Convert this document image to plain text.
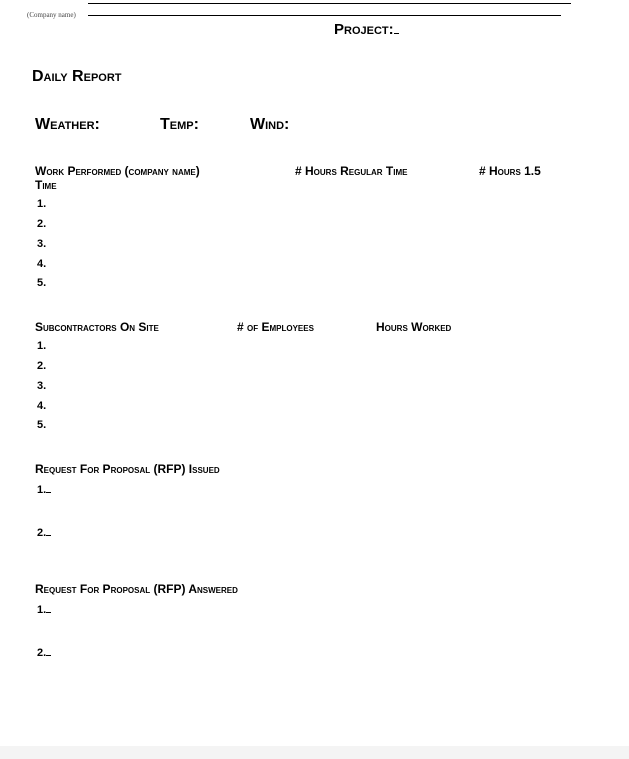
(Company name)
Project:
Daily Report
Weather:	Temp:	Wind:
Work Performed (company name)	# Hours Regular Time	# Hours 1.5
Time
1.
2.
3.
4.
5.
Subcontractors On Site	# of Employees	Hours Worked
1.
2.
3.
4.
5.
Request For Proposal (RFP) Issued
1.
2.
Request For Proposal (RFP) Answered
1.
2.
